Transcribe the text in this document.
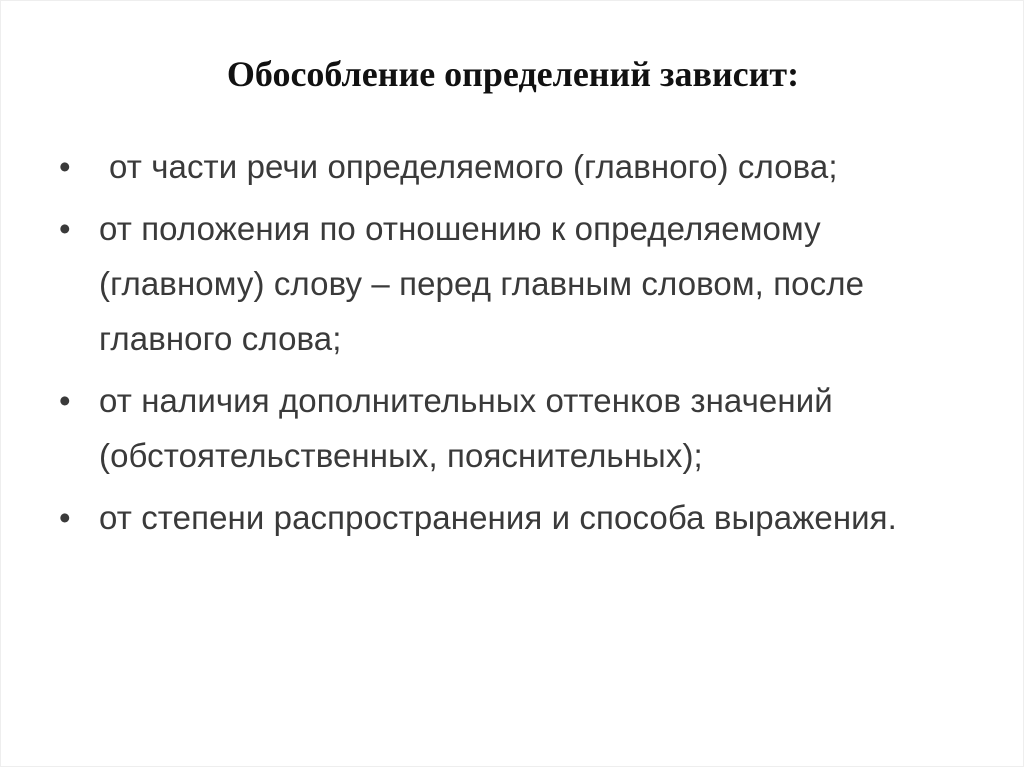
Обособление определений зависит:
•	от части речи определяемого (главного) слова;
• от положения по отношению к определяемому (главному) слову – перед главным словом, после главного слова;
• от наличия дополнительных оттенков значений (обстоятельственных, пояснительных);
• от степени распространения и способа выражения.
